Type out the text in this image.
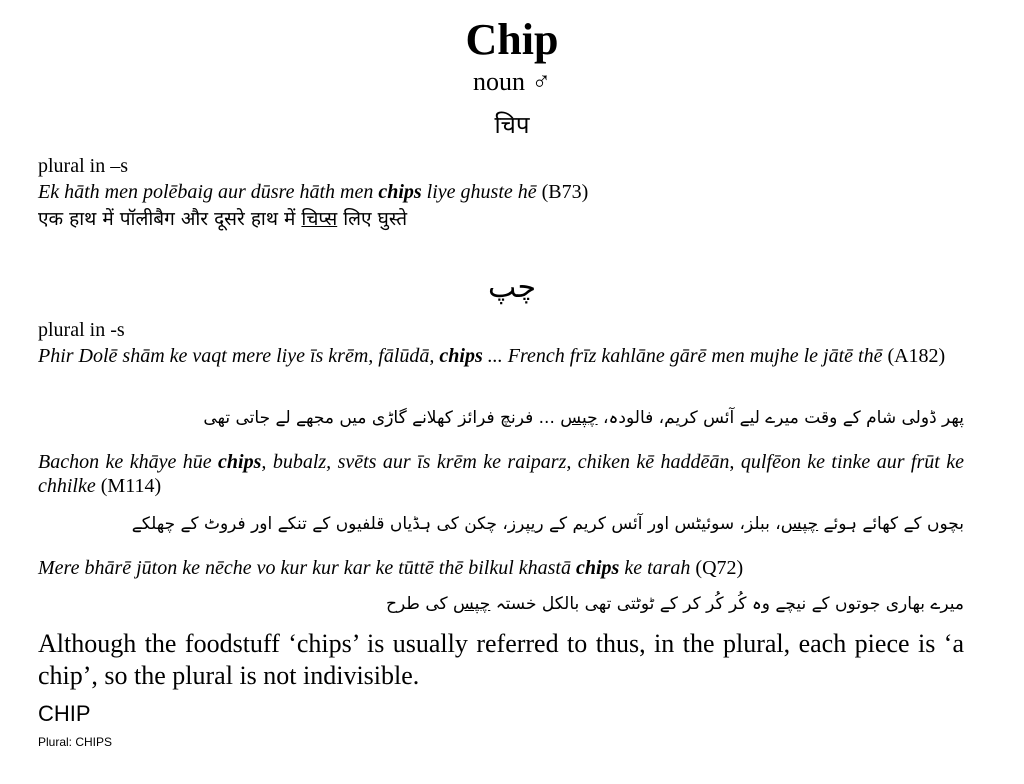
Chip
noun ♂
चिप
plural in –s
Ek hāth men polēbaig aur dūsre hāth men chips liye ghuste hē (B73)
एक हाथ में पॉलीबैग और दूसरे हाथ में चिप्स लिए घुस्ते
چپ
plural in -s
Phir Dolē shām ke vaqt mere liye īs krēm, fālūdā, chips ... French frīz kahlāne gārē men mujhe le jātē thē (A182)
پھر ڈولی شام کے وقت میرے لیے آئس کریم، فالودہ، چپس ... فرنچ فرائز کھلانے گاڑی میں مجھے لے جاتی تھی
Bachon ke khāye hūe chips, bubalz, svēts aur īs krēm ke raiparz, chiken kē haddēān, qulfēon ke tinke aur frūt ke chhilke (M114)
بچوں کے کھائے ہوئے چپس، ببلز، سوئیٹس اور آئس کریم کے ریپرز، چکن کی ہڈیاں قلفیوں کے تنکے اور فروٹ کے چھلکے
Mere bhārē jūton ke nēche vo kur kur kar ke tūttē thē bilkul khastā chips ke tarah (Q72)
میرے بھاری جوتوں کے نیچے وہ کُر کُر کر کے ٹوٹتی تھی بالکل خستہ چپس کی طرح
Although the foodstuff ‘chips’ is usually referred to thus, in the plural, each piece is ‘a chip’, so the plural is not indivisible.
CHIP
Plural: CHIPS
